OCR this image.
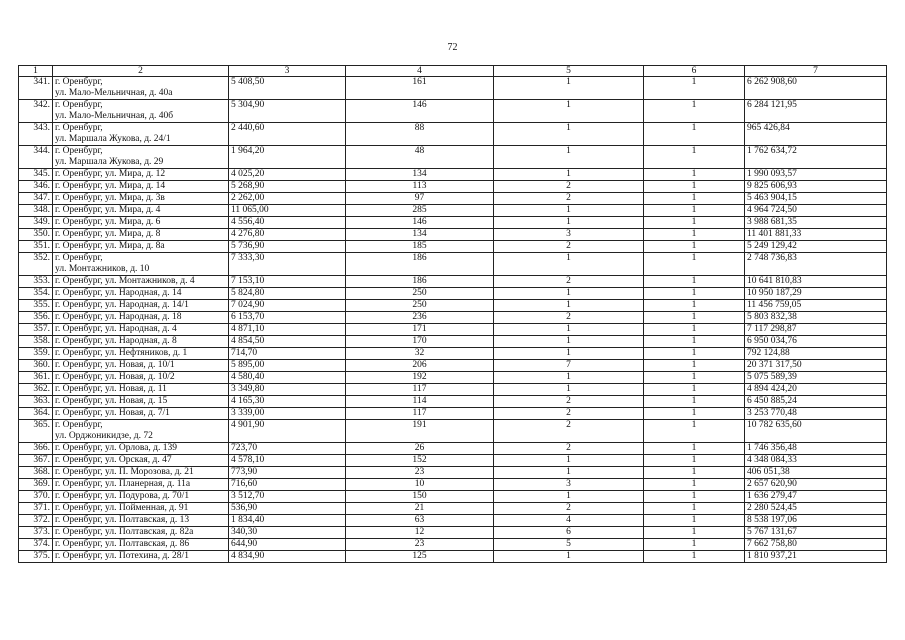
72
1	2	3	4	5	6	7
341.	г. Оренбург,
ул. Мало-Мельничная, д. 40а	5 408,50	161	1	1	6 262 908,60
342.	г. Оренбург,
ул. Мало-Мельничная, д. 40б	5 304,90	146	1	1	6 284 121,95
343.	г. Оренбург,
ул. Маршала Жукова, д. 24/1	2 440,60	88	1	1	965 426,84
344.	г. Оренбург,
ул. Маршала Жукова, д. 29	1 964,20	48	1	1	1 762 634,72
345.	г. Оренбург, ул. Мира, д. 12	4 025,20	134	1	1	1 990 093,57
346.	г. Оренбург, ул. Мира, д. 14	5 268,90	113	2	1	9 825 606,93
347.	г. Оренбург, ул. Мира, д. 3в	2 262,00	97	2	1	5 463 904,15
348.	г. Оренбург, ул. Мира, д. 4	11 065,00	285	1	1	4 964 724,50
349.	г. Оренбург, ул. Мира, д. 6	4 556,40	146	1	1	3 988 681,35
350.	г. Оренбург, ул. Мира, д. 8	4 276,80	134	3	1	11 401 881,33
351.	г. Оренбург, ул. Мира, д. 8а	5 736,90	185	2	1	5 249 129,42
352.	г. Оренбург,
ул. Монтажников, д. 10	7 333,30	186	1	1	2 748 736,83
353.	г. Оренбург, ул. Монтажников, д. 4	7 153,10	186	2	1	10 641 810,83
354.	г. Оренбург, ул. Народная, д. 14	5 824,80	250	1	1	10 950 187,29
355.	г. Оренбург, ул. Народная, д. 14/1	7 024,90	250	1	1	11 456 759,05
356.	г. Оренбург, ул. Народная, д. 18	6 153,70	236	2	1	5 803 832,38
357.	г. Оренбург, ул. Народная, д. 4	4 871,10	171	1	1	7 117 298,87
358.	г. Оренбург, ул. Народная, д. 8	4 854,50	170	1	1	6 950 034,76
359.	г. Оренбург, ул. Нефтяников, д. 1	714,70	32	1	1	792 124,88
360.	г. Оренбург, ул. Новая, д. 10/1	5 895,00	206	7	1	20 371 317,50
361.	г. Оренбург, ул. Новая, д. 10/2	4 580,40	192	1	1	5 075 589,39
362.	г. Оренбург, ул. Новая, д. 11	3 349,80	117	1	1	4 894 424,20
363.	г. Оренбург, ул. Новая, д. 15	4 165,30	114	2	1	6 450 885,24
364.	г. Оренбург, ул. Новая, д. 7/1	3 339,00	117	2	1	3 253 770,48
365.	г. Оренбург,
ул. Орджоникидзе, д. 72	4 901,90	191	2	1	10 782 635,60
366.	г. Оренбург, ул. Орлова, д. 139	723,70	26	2	1	1 746 356,48
367.	г. Оренбург, ул. Орская, д. 47	4 578,10	152	1	1	4 348 084,33
368.	г. Оренбург, ул. П. Морозова, д. 21	773,90	23	1	1	406 051,38
369.	г. Оренбург, ул. Планерная, д. 11а	716,60	10	3	1	2 657 620,90
370.	г. Оренбург, ул. Подурова, д. 70/1	3 512,70	150	1	1	1 636 279,47
371.	г. Оренбург, ул. Пойменная, д. 91	536,90	21	2	1	2 280 524,45
372.	г. Оренбург, ул. Полтавская, д. 13	1 834,40	63	4	1	8 538 197,06
373.	г. Оренбург, ул. Полтавская, д. 82а	340,30	12	6	1	5 767 131,67
374.	г. Оренбург, ул. Полтавская, д. 86	644,90	23	5	1	7 662 758,80
375.	г. Оренбург, ул. Потехина, д. 28/1	4 834,90	125	1	1	1 810 937,21
